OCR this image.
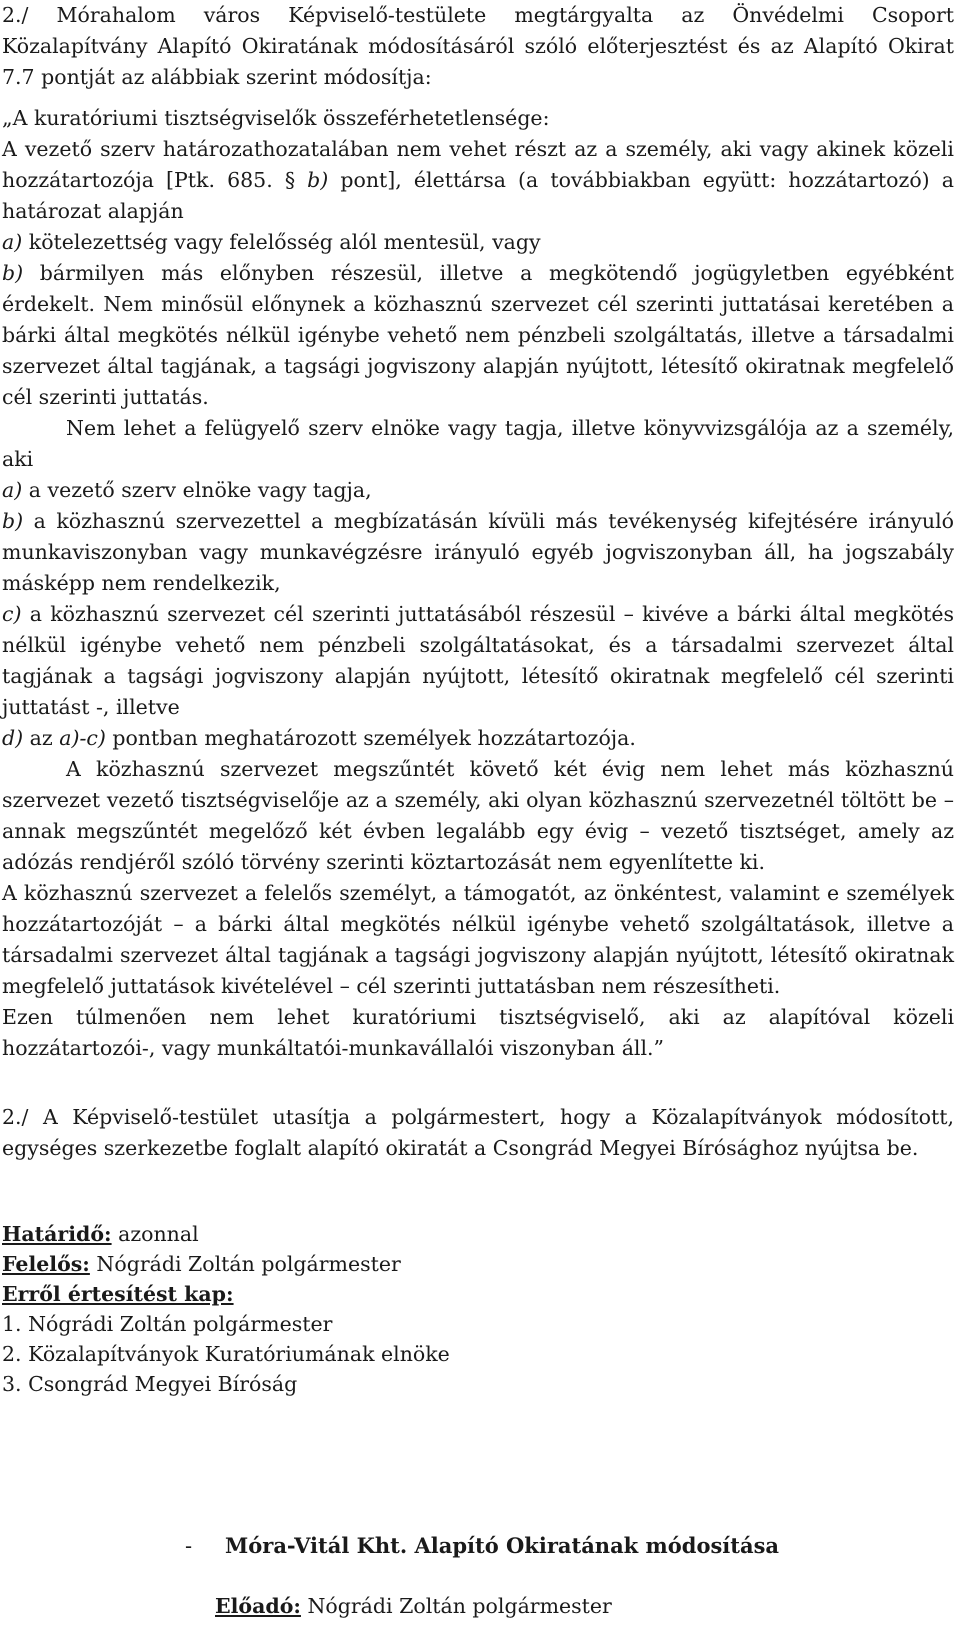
2./ Mórahalom város Képviselő-testülete megtárgyalta az Önvédelmi Csoport Közalapítvány Alapító Okiratának módosításáról szóló előterjesztést és az Alapító Okirat 7.7 pontját az alábbiak szerint módosítja:

„A kuratóriumi tisztségviselők összeférhetetlensége:

A vezető szerv határozathozatalában nem vehet részt az a személy, aki vagy akinek közeli hozzátartozója [Ptk. 685. § b) pont], élettársa (a továbbiakban együtt: hozzátartozó) a határozat alapján

a) kötelezettség vagy felelősség alól mentesül, vagy

b) bármilyen más előnyben részesül, illetve a megkötendő jogügyletben egyébként érdekelt. Nem minősül előnynek a közhasznú szervezet cél szerinti juttatásai keretében a bárki által megkötés nélkül igénybe vehető nem pénzbeli szolgáltatás, illetve a társadalmi szervezet által tagjának, a tagsági jogviszony alapján nyújtott, létesítő okiratnak megfelelő cél szerinti juttatás.

Nem lehet a felügyelő szerv elnöke vagy tagja, illetve könyvvizsgálója az a személy, aki

a) a vezető szerv elnöke vagy tagja,

b) a közhasznú szervezettel a megbízatásán kívüli más tevékenység kifejtésére irányuló munkaviszonyban vagy munkavégzésre irányuló egyéb jogviszonyban áll, ha jogszabály másképp nem rendelkezik,

c) a közhasznú szervezet cél szerinti juttatásából részesül – kivéve a bárki által megkötés nélkül igénybe vehető nem pénzbeli szolgáltatásokat, és a társadalmi szervezet által tagjának a tagsági jogviszony alapján nyújtott, létesítő okiratnak megfelelő cél szerinti juttatást -, illetve

d) az a)-c) pontban meghatározott személyek hozzátartozója.

A közhasznú szervezet megszűntét követő két évig nem lehet más közhasznú szervezet vezető tisztségviselője az a személy, aki olyan közhasznú szervezetnél töltött be – annak megszűntét megelőző két évben legalább egy évig – vezető tisztséget, amely az adózás rendjéről szóló törvény szerinti köztartozását nem egyenlítette ki.

A közhasznú szervezet a felelős személyt, a támogatót, az önkéntest, valamint e személyek hozzátartozóját – a bárki által megkötés nélkül igénybe vehető szolgáltatások, illetve a társadalmi szervezet által tagjának a tagsági jogviszony alapján nyújtott, létesítő okiratnak megfelelő juttatások kivételével – cél szerinti juttatásban nem részesítheti.

Ezen túlmenően nem lehet kuratóriumi tisztségviselő, aki az alapítóval közeli hozzátartozói-, vagy munkáltatói-munkavállalói viszonyban áll.”

2./ A Képviselő-testület utasítja a polgármestert, hogy a Közalapítványok módosított, egységes szerkezetbe foglalt alapító okiratát a Csongrád Megyei Bírósághoz nyújtsa be.

Határidő: azonnal
Felelős: Nógrádi Zoltán polgármester
Erről értesítést kap:
1. Nógrádi Zoltán polgármester
2. Közalapítványok Kuratóriumának elnöke
3. Csongrád Megyei Bíróság
- Móra-Vitál Kht. Alapító Okiratának módosítása
Előadó: Nógrádi Zoltán polgármester
